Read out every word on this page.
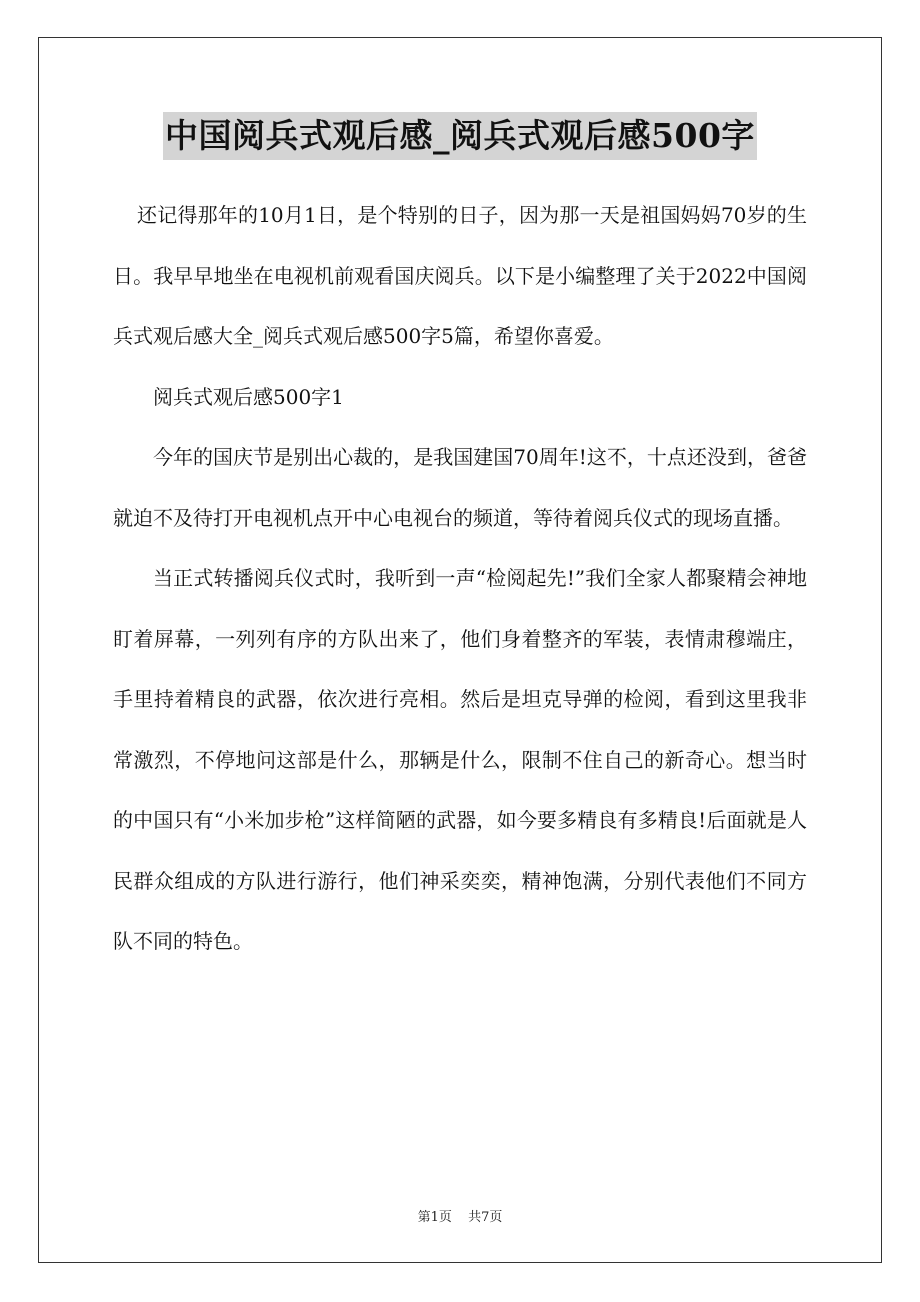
中国阅兵式观后感_阅兵式观后感500字

还记得那年的10月1日，是个特别的日子，因为那一天是祖国妈妈70岁的生日。我早早地坐在电视机前观看国庆阅兵。以下是小编整理了关于2022中国阅兵式观后感大全_阅兵式观后感500字5篇，希望你喜爱。

阅兵式观后感500字1

今年的国庆节是别出心裁的，是我国建国70周年!这不，十点还没到，爸爸就迫不及待打开电视机点开中心电视台的频道，等待着阅兵仪式的现场直播。

当正式转播阅兵仪式时，我听到一声“检阅起先!”我们全家人都聚精会神地盯着屏幕，一列列有序的方队出来了，他们身着整齐的军装，表情肃穆端庄，手里持着精良的武器，依次进行亮相。然后是坦克导弹的检阅，看到这里我非常激烈，不停地问这部是什么，那辆是什么，限制不住自己的新奇心。想当时的中国只有“小米加步枪”这样简陋的武器，如今要多精良有多精良!后面就是人民群众组成的方队进行游行，他们神采奕奕，精神饱满，分别代表他们不同方队不同的特色。

第1页 共7页
